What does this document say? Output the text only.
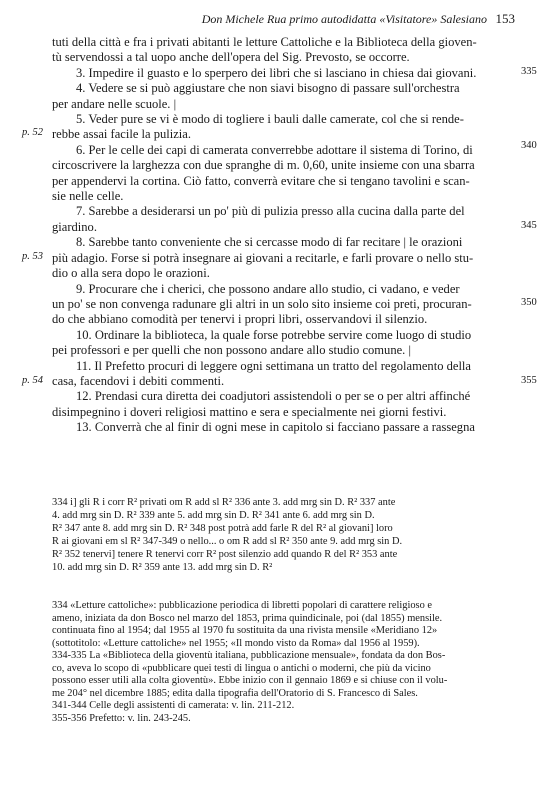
Don Michele Rua primo autodidatta «Visitatore» Salesiano 153
p. 52
p. 53
p. 54
335
340
345
350
355
tuti della città e fra i privati abitanti le letture Cattoliche e la Biblioteca della gioven-
tù servendossi a tal uopo anche dell'opera del Sig. Prevosto, se occorre.
3. Impedire il guasto e lo sperpero dei libri che si lasciano in chiesa dai giovani.
4. Vedere se si può aggiustare che non siavi bisogno di passare sull'orchestra
per andare nelle scuole. |
5. Veder pure se vi è modo di togliere i bauli dalle camerate, col che si rende-
rebbe assai facile la pulizia.
6. Per le celle dei capi di camerata converrebbe adottare il sistema di Torino, di
circoscrivere la larghezza con due spranghe di m. 0,60, unite insieme con una sbarra
per appendervi la cortina. Ciò fatto, converrà evitare che si tengano tavolini e scan-
sie nelle celle.
7. Sarebbe a desiderarsi un po' più di pulizia presso alla cucina dalla parte del
giardino.
8. Sarebbe tanto conveniente che si cercasse modo di far recitare | le orazioni
più adagio. Forse si potrà insegnare ai giovani a recitarle, e farli provare o nello stu-
dio o alla sera dopo le orazioni.
9. Procurare che i cherici, che possono andare allo studio, ci vadano, e veder
un po' se non convenga radunare gli altri in un solo sito insieme coi preti, procuran-
do che abbiano comodità per tenervi i propri libri, osservandovi il silenzio.
10. Ordinare la biblioteca, la quale forse potrebbe servire come luogo di studio
pei professori e per quelli che non possono andare allo studio comune. |
11. Il Prefetto procuri di leggere ogni settimana un tratto del regolamento della
casa, facendovi i debiti commenti.
12. Prendasi cura diretta dei coadjutori assistendoli o per se o per altri affinché
disimpegnino i doveri religiosi mattino e sera e specialmente nei giorni festivi.
13. Converrà che al finir di ogni mese in capitolo si facciano passare a rassegna
334 i] gli R i corr R² privati om R add sl R² 336 ante 3. add mrg sin D. R² 337 ante
4. add mrg sin D. R² 339 ante 5. add mrg sin D. R² 341 ante 6. add mrg sin D.
R² 347 ante 8. add mrg sin D. R² 348 post potrà add farle R del R² al giovani] loro
R ai giovani em sl R² 347-349 o nello... o om R add sl R² 350 ante 9. add mrg sin D.
R² 352 tenervi] tenere R tenervi corr R² post silenzio add quando R del R² 353 ante
10. add mrg sin D. R² 359 ante 13. add mrg sin D. R²
334 «Letture cattoliche»: pubblicazione periodica di libretti popolari di carattere religioso e
ameno, iniziata da don Bosco nel marzo del 1853, prima quindicinale, poi (dal 1855) mensile.
continuata fino al 1954; dal 1955 al 1970 fu sostituita da una rivista mensile «Meridiano 12»
(sottotitolo: «Letture cattoliche» nel 1955; «Il mondo visto da Roma» dal 1956 al 1959).
334-335 La «Biblioteca della gioventù italiana, pubblicazione mensuale», fondata da don Bos-
co, aveva lo scopo di «pubblicare quei testi di lingua o antichi o moderni, che più da vicino
possono esser utili alla colta gioventù». Ebbe inizio con il gennaio 1869 e si chiuse con il volu-
me 204° nel dicembre 1885; edita dalla tipografia dell'Oratorio di S. Francesco di Sales.
341-344 Celle degli assistenti di camerata: v. lin. 211-212.
355-356 Prefetto: v. lin. 243-245.
